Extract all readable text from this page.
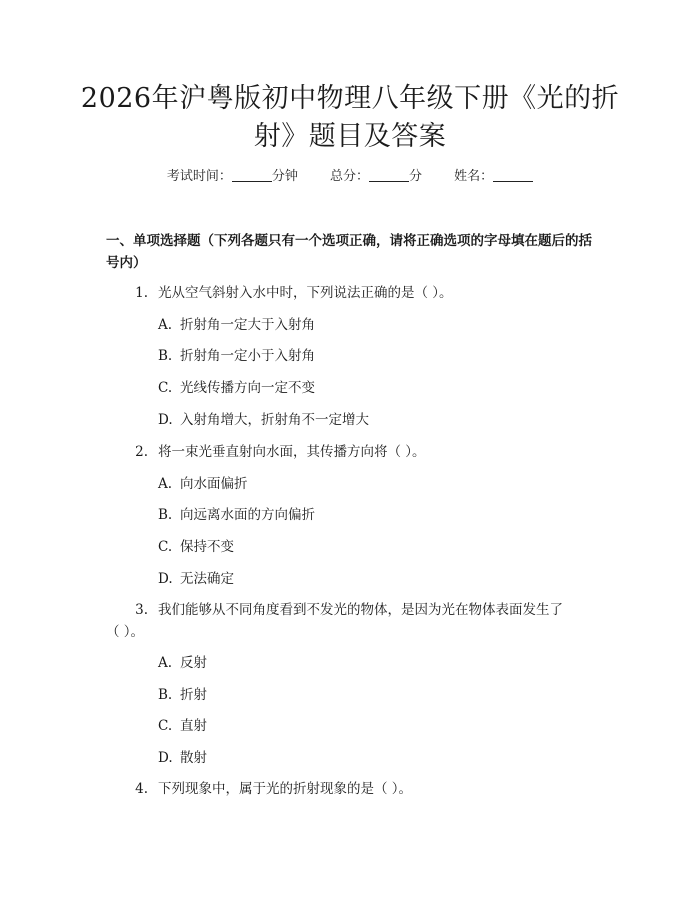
2026年沪粤版初中物理八年级下册《光的折射》题目及答案
考试时间：	分钟 总分：	分 姓名：
一、单项选择题（下列各题只有一个选项正确，请将正确选项的字母填在题后的括号内）
1. 光从空气斜射入水中时，下列说法正确的是（ ）。
A. 折射角一定大于入射角
B. 折射角一定小于入射角
C. 光线传播方向一定不变
D. 入射角增大，折射角不一定增大
2. 将一束光垂直射向水面，其传播方向将（ ）。
A. 向水面偏折
B. 向远离水面的方向偏折
C. 保持不变
D. 无法确定
3. 我们能够从不同角度看到不发光的物体，是因为光在物体表面发生了（ ）。
A. 反射
B. 折射
C. 直射
D. 散射
4. 下列现象中，属于光的折射现象的是（ ）。
